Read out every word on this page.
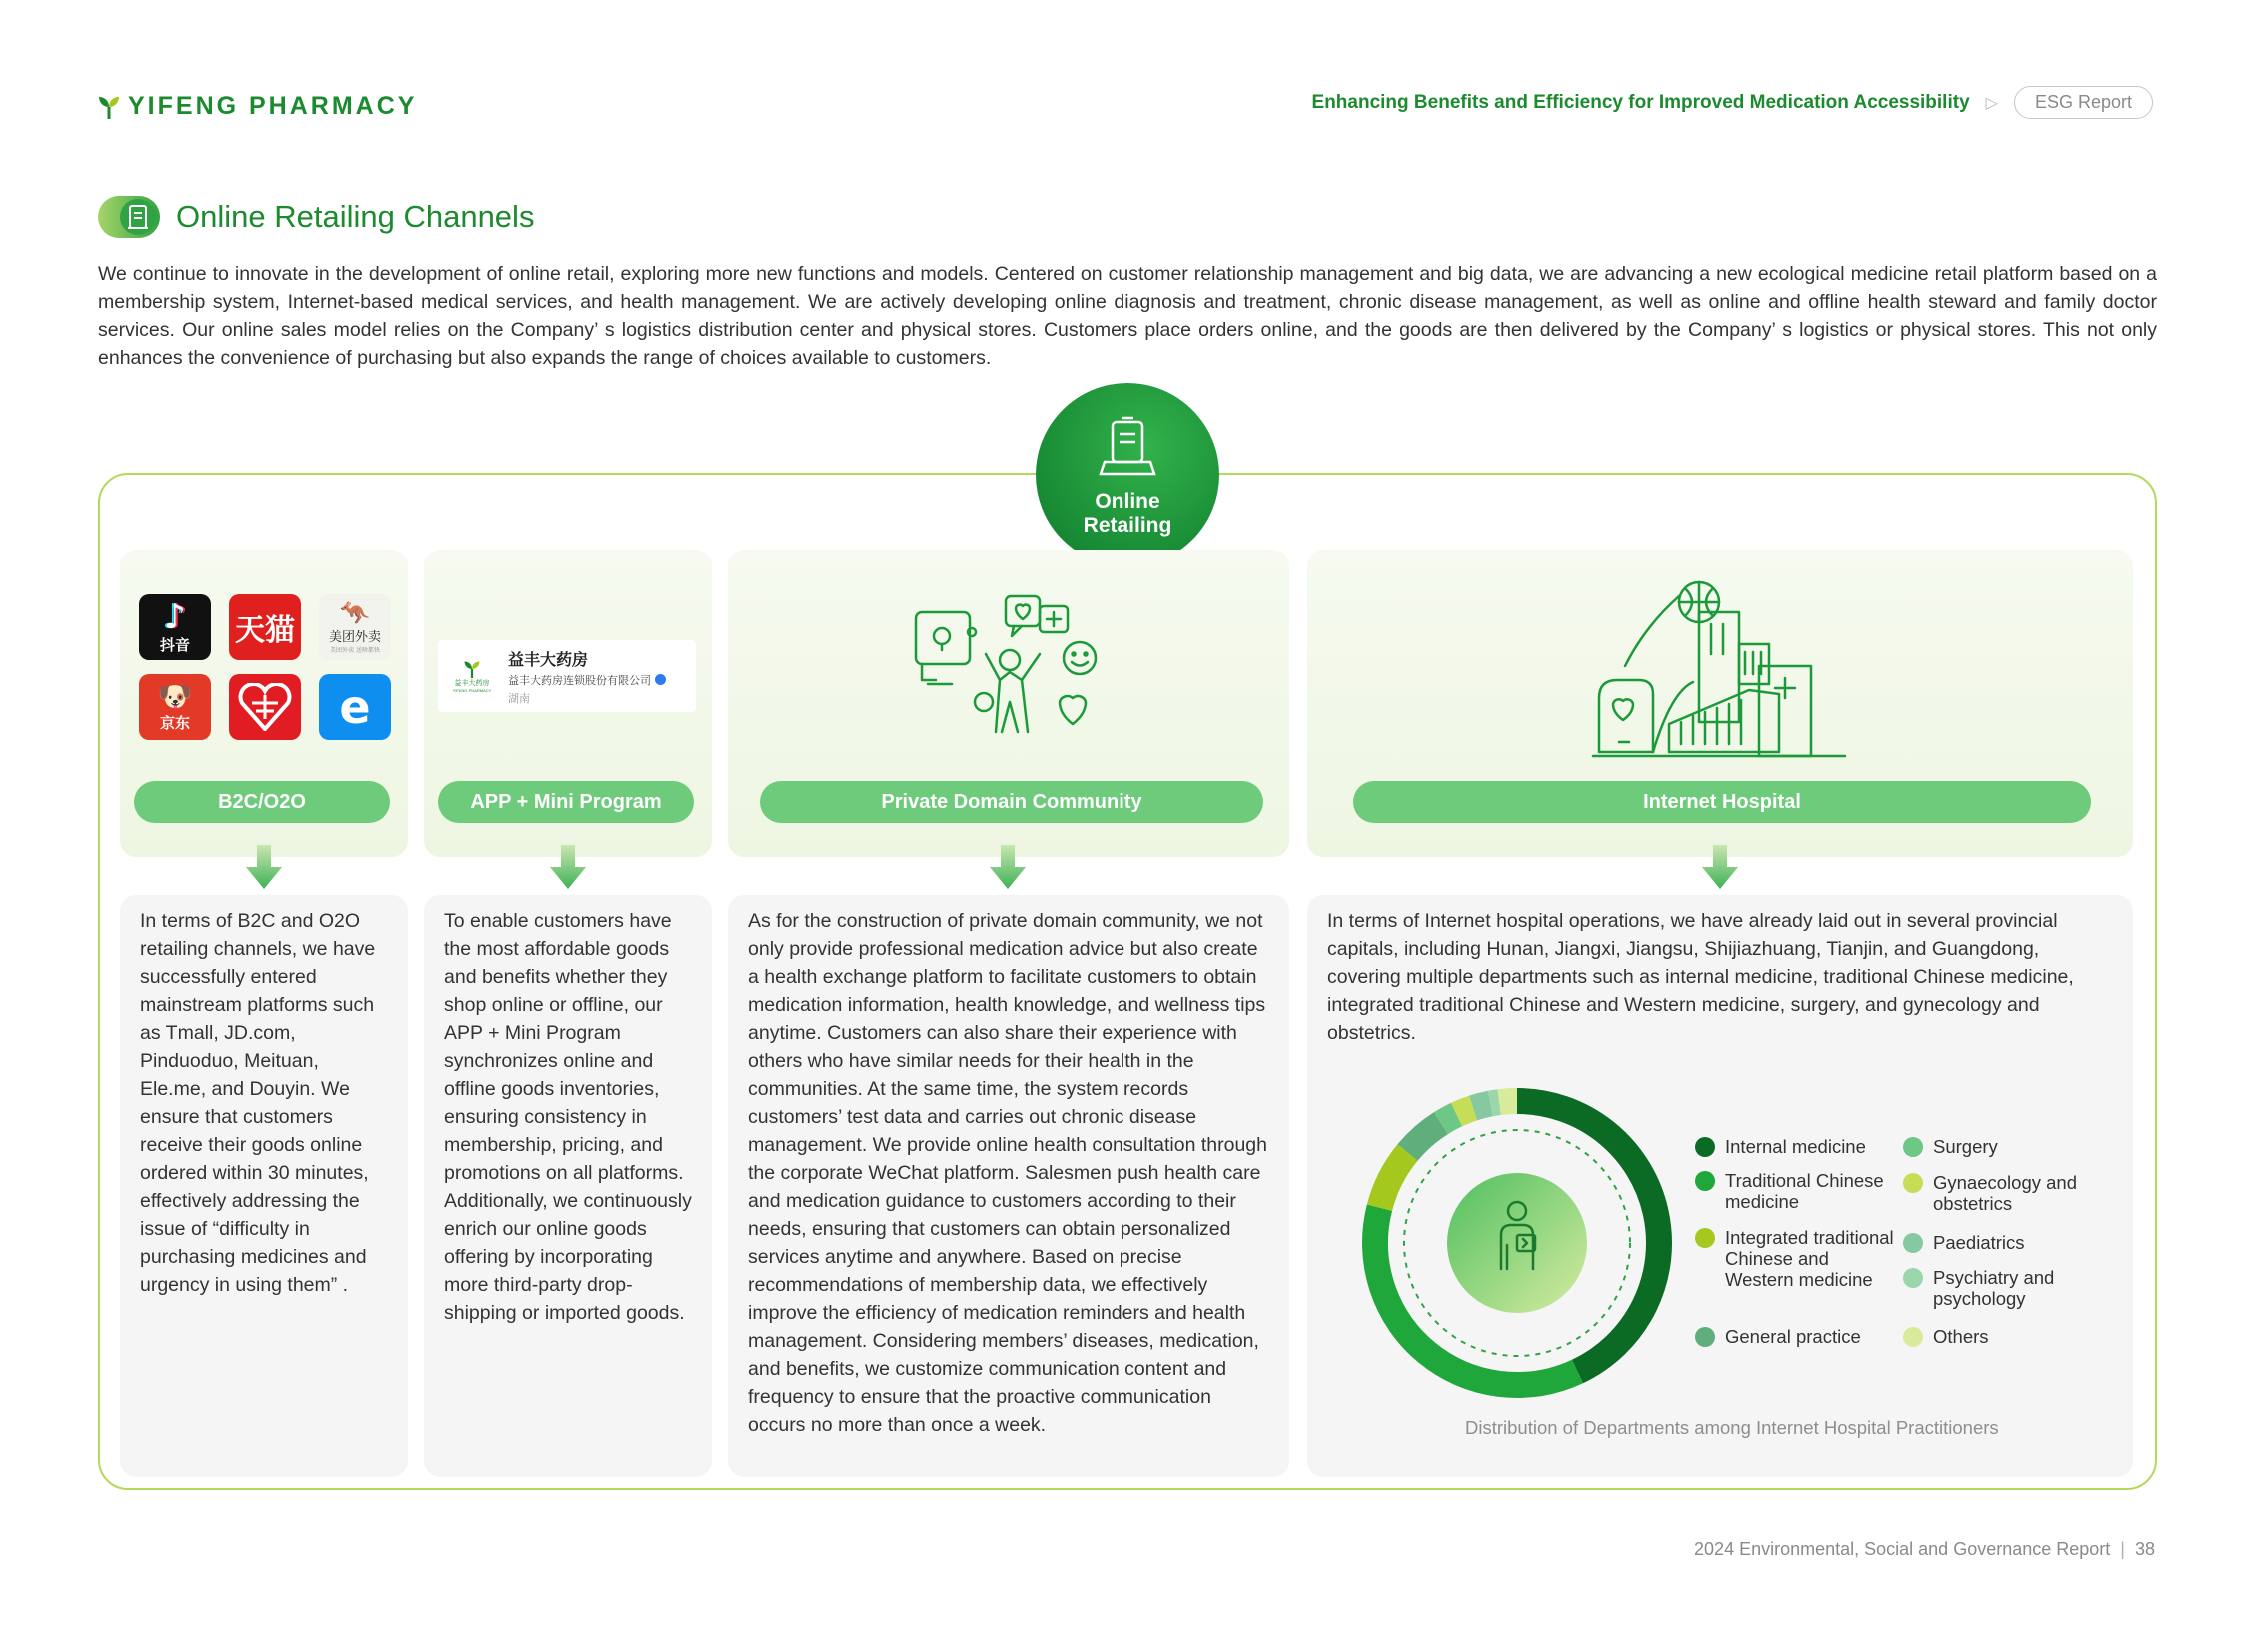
YIFENG PHARMACY	Enhancing Benefits and Efficiency for Improved Medication Accessibility ▷	ESG Report
Online Retailing Channels

We continue to innovate in the development of online retail, exploring more new functions and models. Centered on customer relationship management and big data, we are advancing a new ecological medicine retail platform based on a membership system, Internet-based medical services, and health management. We are actively developing online diagnosis and treatment, chronic disease management, as well as online and offline health steward and family doctor services. Our online sales model relies on the Company’ s logistics distribution center and physical stores. Customers place orders online, and the goods are then delivered by the Company’ s logistics or physical stores. This not only enhances the convenience of purchasing but also expands the range of choices available to customers.

Online Retailing
♪
抖音 天猫 🦘
美团外卖
美团外卖 送啥都快
🐶
京东	e
B2C/O2O
益丰大药房
YIFENG PHARMACY
益丰大药房
益丰大药房连锁股份有限公司
湖南
APP + Mini Program	Private Domain Community	Internet Hospital
In terms of B2C and O2O retailing channels, we have successfully entered mainstream platforms such as Tmall, JD.com, Pinduoduo, Meituan, Ele.me, and Douyin. We ensure that customers receive their goods online ordered within 30 minutes, effectively addressing the issue of “difficulty in purchasing medicines and urgency in using them” .
To enable customers have the most affordable goods and benefits whether they shop online or offline, our APP + Mini Program synchronizes online and offline goods inventories, ensuring consistency in membership, pricing, and promotions on all platforms. Additionally, we continuously enrich our online goods offering by incorporating more third-party drop-shipping or imported goods.
As for the construction of private domain community, we not only provide professional medication advice but also create a health exchange platform to facilitate customers to obtain medication information, health knowledge, and wellness tips anytime. Customers can also share their experience with others who have similar needs for their health in the communities. At the same time, the system records customers’ test data and carries out chronic disease management. We provide online health consultation through the corporate WeChat platform. Salesmen push health care and medication guidance to customers according to their needs, ensuring that customers can obtain personalized services anytime and anywhere. Based on precise recommendations of membership data, we effectively improve the efficiency of medication reminders and health management. Considering members’ diseases, medication, and benefits, we customize communication content and frequency to ensure that the proactive communication occurs no more than once a week.

In terms of Internet hospital operations, we have already laid out in several provincial capitals, including Hunan, Jiangxi, Jiangsu, Shijiazhuang, Tianjin, and Guangdong, covering multiple departments such as internal medicine, traditional Chinese medicine, integrated traditional Chinese and Western medicine, surgery, and gynecology and obstetrics.

Internal medicine	Surgery
Traditional Chinese medicine
Gynaecology and obstetrics
Integrated traditional Chinese and Western medicine
Paediatrics
Psychiatry and psychology
General practice	Others
Distribution of Departments among Internet Hospital Practitioners
2024 Environmental, Social and Governance Report | 38
